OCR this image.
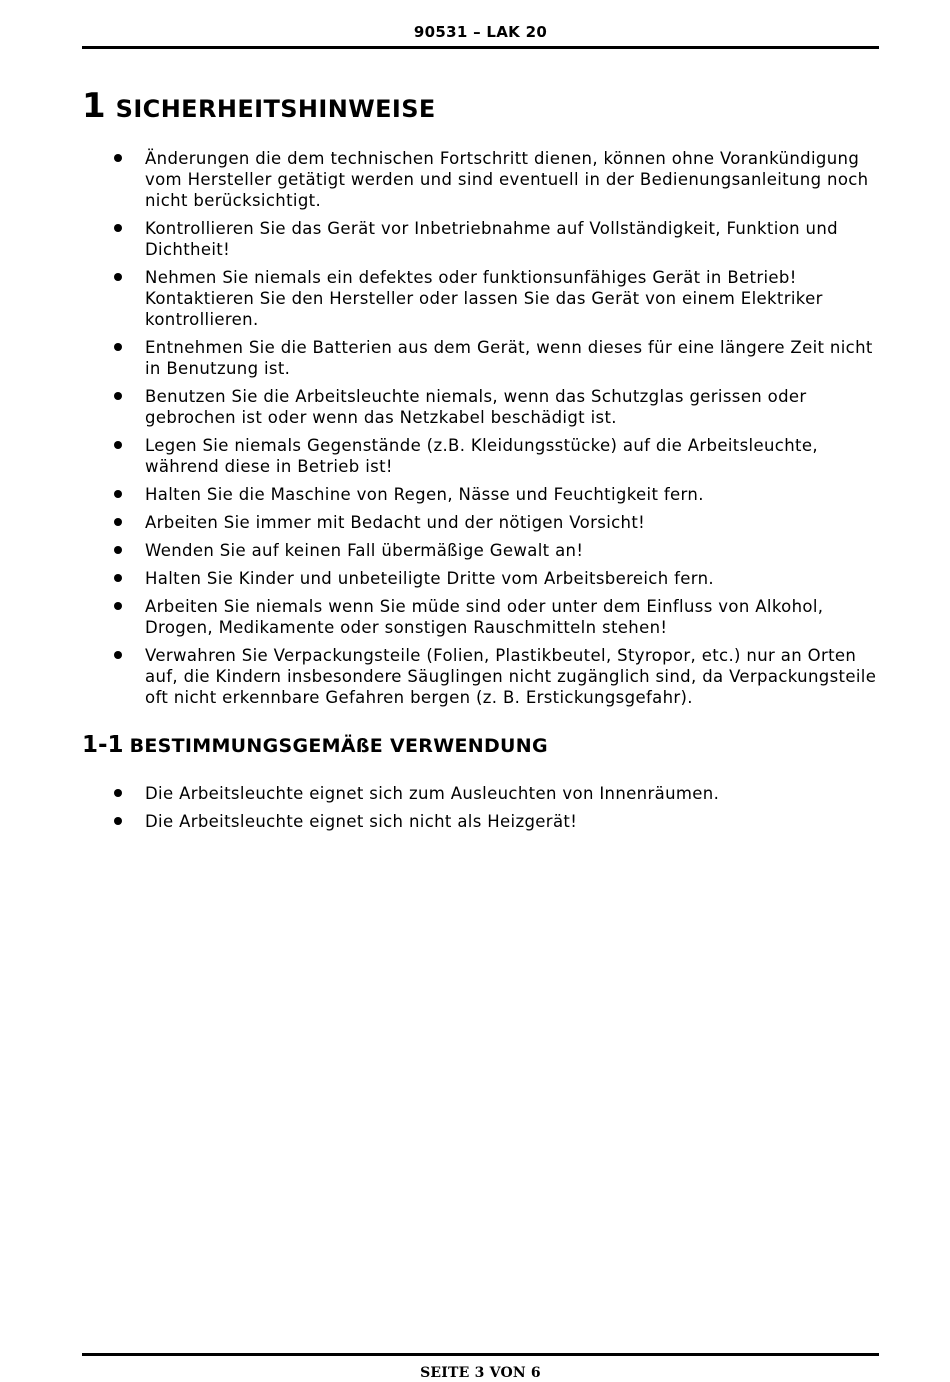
90531 – LAK 20
1 SICHERHEITSHINWEISE
Änderungen die dem technischen Fortschritt dienen, können ohne Vorankündigung vom Hersteller getätigt werden und sind eventuell in der Bedienungsanleitung noch nicht berücksichtigt.
Kontrollieren Sie das Gerät vor Inbetriebnahme auf Vollständigkeit, Funktion und Dichtheit!
Nehmen Sie niemals ein defektes oder funktionsunfähiges Gerät in Betrieb! Kontaktieren Sie den Hersteller oder lassen Sie das Gerät von einem Elektriker kontrollieren.
Entnehmen Sie die Batterien aus dem Gerät, wenn dieses für eine längere Zeit nicht in Benutzung ist.
Benutzen Sie die Arbeitsleuchte niemals, wenn das Schutzglas gerissen oder gebrochen ist oder wenn das Netzkabel beschädigt ist.
Legen Sie niemals Gegenstände (z.B. Kleidungsstücke) auf die Arbeitsleuchte, während diese in Betrieb ist!
Halten Sie die Maschine von Regen, Nässe und Feuchtigkeit fern.
Arbeiten Sie immer mit Bedacht und der nötigen Vorsicht!
Wenden Sie auf keinen Fall übermäßige Gewalt an!
Halten Sie Kinder und unbeteiligte Dritte vom Arbeitsbereich fern.
Arbeiten Sie niemals wenn Sie müde sind oder unter dem Einfluss von Alkohol, Drogen, Medikamente oder sonstigen Rauschmitteln stehen!
Verwahren Sie Verpackungsteile (Folien, Plastikbeutel, Styropor, etc.) nur an Orten auf, die Kindern insbesondere Säuglingen nicht zugänglich sind, da Verpackungsteile oft nicht erkennbare Gefahren bergen (z. B. Erstickungsgefahr).
1-1 BESTIMMUNGSGEMÄßE VERWENDUNG
Die Arbeitsleuchte eignet sich zum Ausleuchten von Innenräumen.
Die Arbeitsleuchte eignet sich nicht als Heizgerät!
SEITE 3 VON 6
